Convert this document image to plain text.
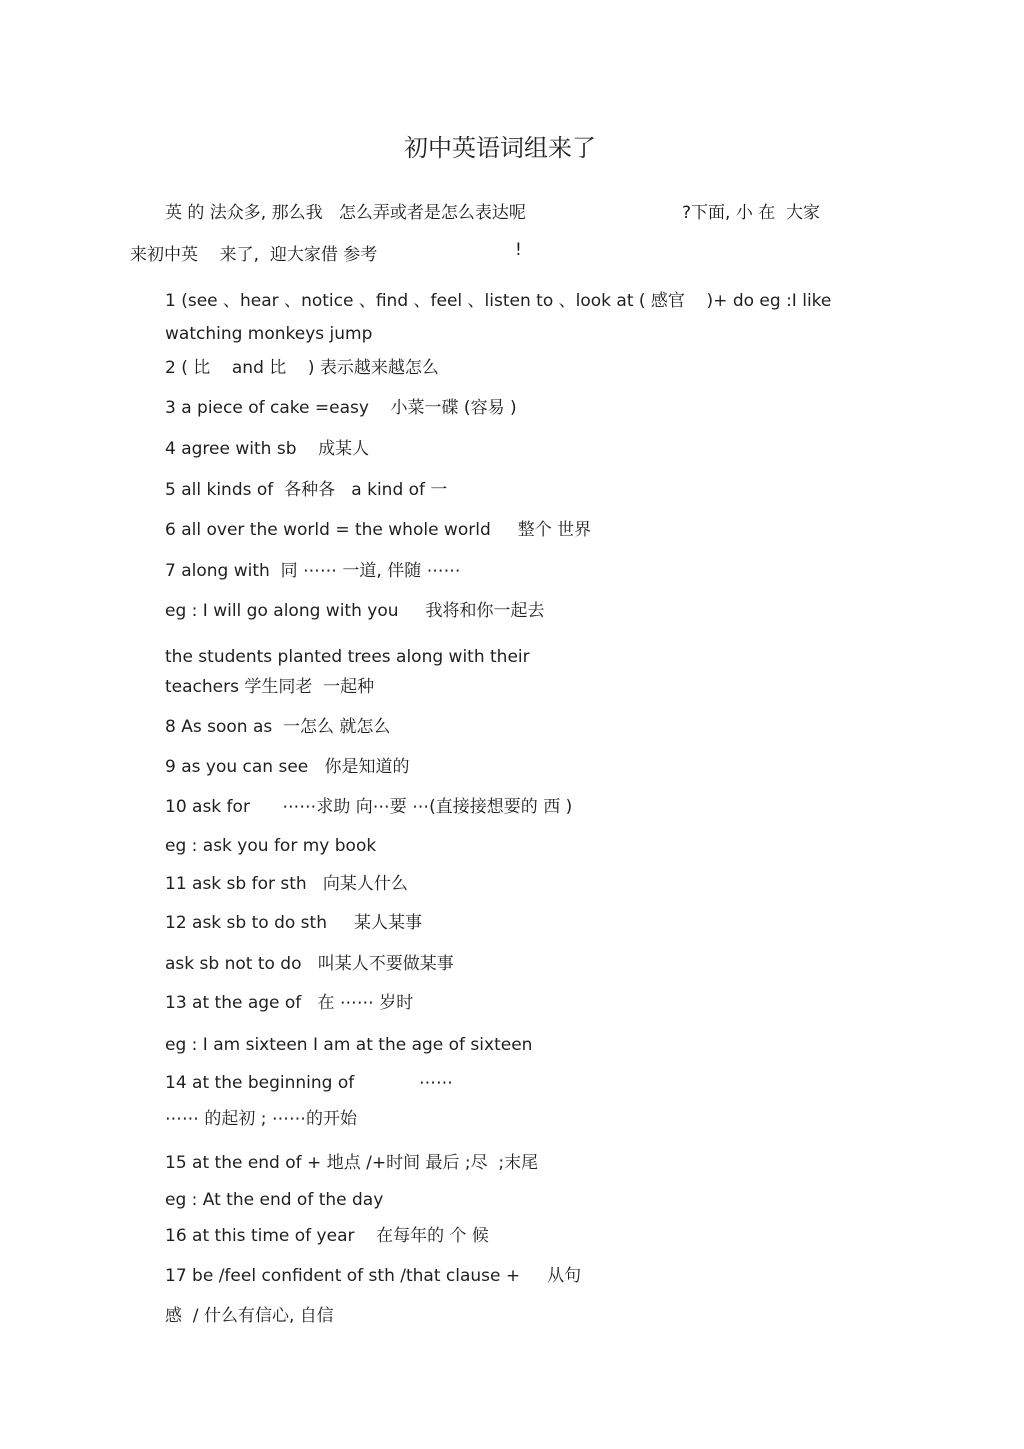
初中英语词组来了
英 的 法众多, 那么我   怎么弄或者是怎么表达呢	?下面, 小 在  大家
来初中英    来了,  迎大家借 参考	!
1 (see 、hear 、notice 、find 、feel 、listen to 、look at ( 感官    )+ do eg :I like
watching monkeys jump
2 ( 比    and 比    ) 表示越来越怎么
3 a piece of cake =easy    小菜一碟 (容易 )
4 agree with sb    成某人
5 all kinds of  各种各   a kind of 一
6 all over the world = the whole world     整个 世界
7 along with  同 ⋯⋯ 一道, 伴随 ⋯⋯
eg : I will go along with you     我将和你一起去
the students planted trees along with their
teachers 学生同老  一起种
8 As soon as  一怎么 就怎么
9 as you can see   你是知道的
10 ask for      ⋯⋯求助 向⋯要 ⋯(直接接想要的 西 )
eg : ask you for my book
11 ask sb for sth   向某人什么
12 ask sb to do sth     某人某事
ask sb not to do   叫某人不要做某事
13 at the age of   在 ⋯⋯ 岁时
eg : I am sixteen I am at the age of sixteen
14 at the beginning of            ⋯⋯
⋯⋯ 的起初 ; ⋯⋯的开始
15 at the end of + 地点 /+时间 最后 ;尽  ;末尾
eg : At the end of the day
16 at this time of year    在每年的 个 候
17 be /feel confident of sth /that clause +     从句
感  / 什么有信心, 自信
